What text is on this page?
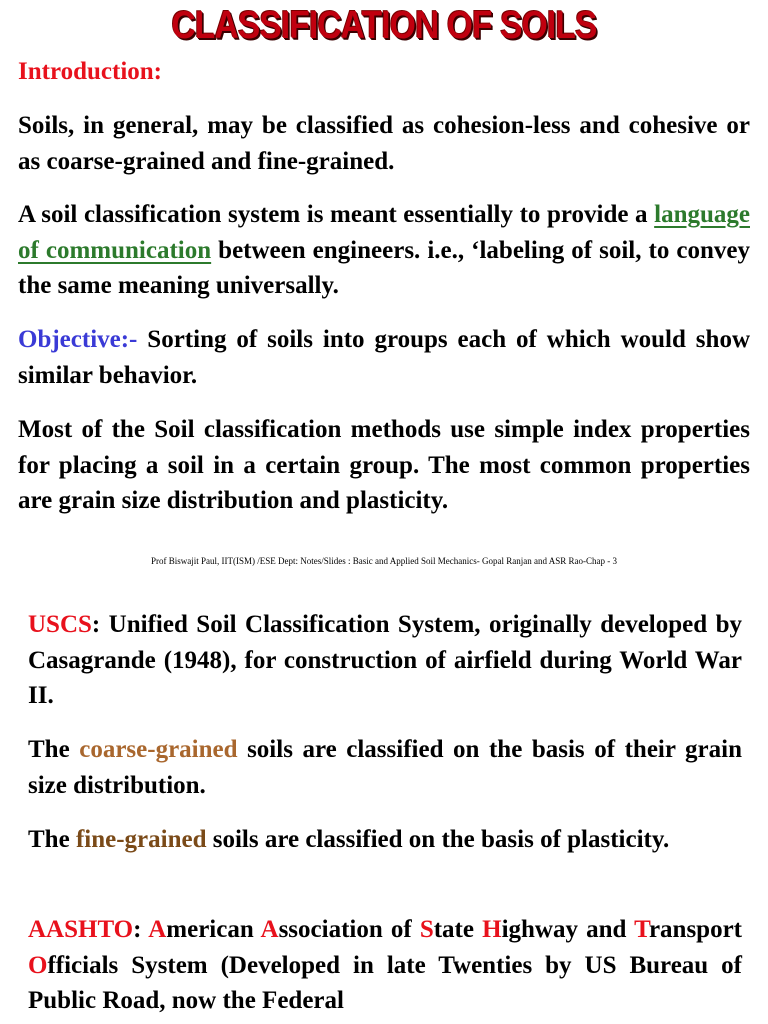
CLASSIFICATION OF SOILS

Introduction:

Soils, in general, may be classified as cohesion-less and cohesive or as coarse-grained and fine-grained.

A soil classification system is meant essentially to provide a language of communication between engineers. i.e., ‘labeling of soil, to convey the same meaning universally.

Objective:- Sorting of soils into groups each of which would show similar behavior.

Most of the Soil classification methods use simple index properties for placing a soil in a certain group. The most common properties are grain size distribution and plasticity.

Prof Biswajit Paul, IIT(ISM) /ESE Dept: Notes/Slides : Basic and Applied Soil Mechanics- Gopal Ranjan and ASR Rao-Chap - 3

USCS: Unified Soil Classification System, originally developed by Casagrande (1948), for construction of airfield during World War II.

The coarse-grained soils are classified on the basis of their grain size distribution.

The fine-grained soils are classified on the basis of plasticity.

AASHTO: American Association of State Highway and Transport Officials System (Developed in late Twenties by US Bureau of Public Road, now the Federal
